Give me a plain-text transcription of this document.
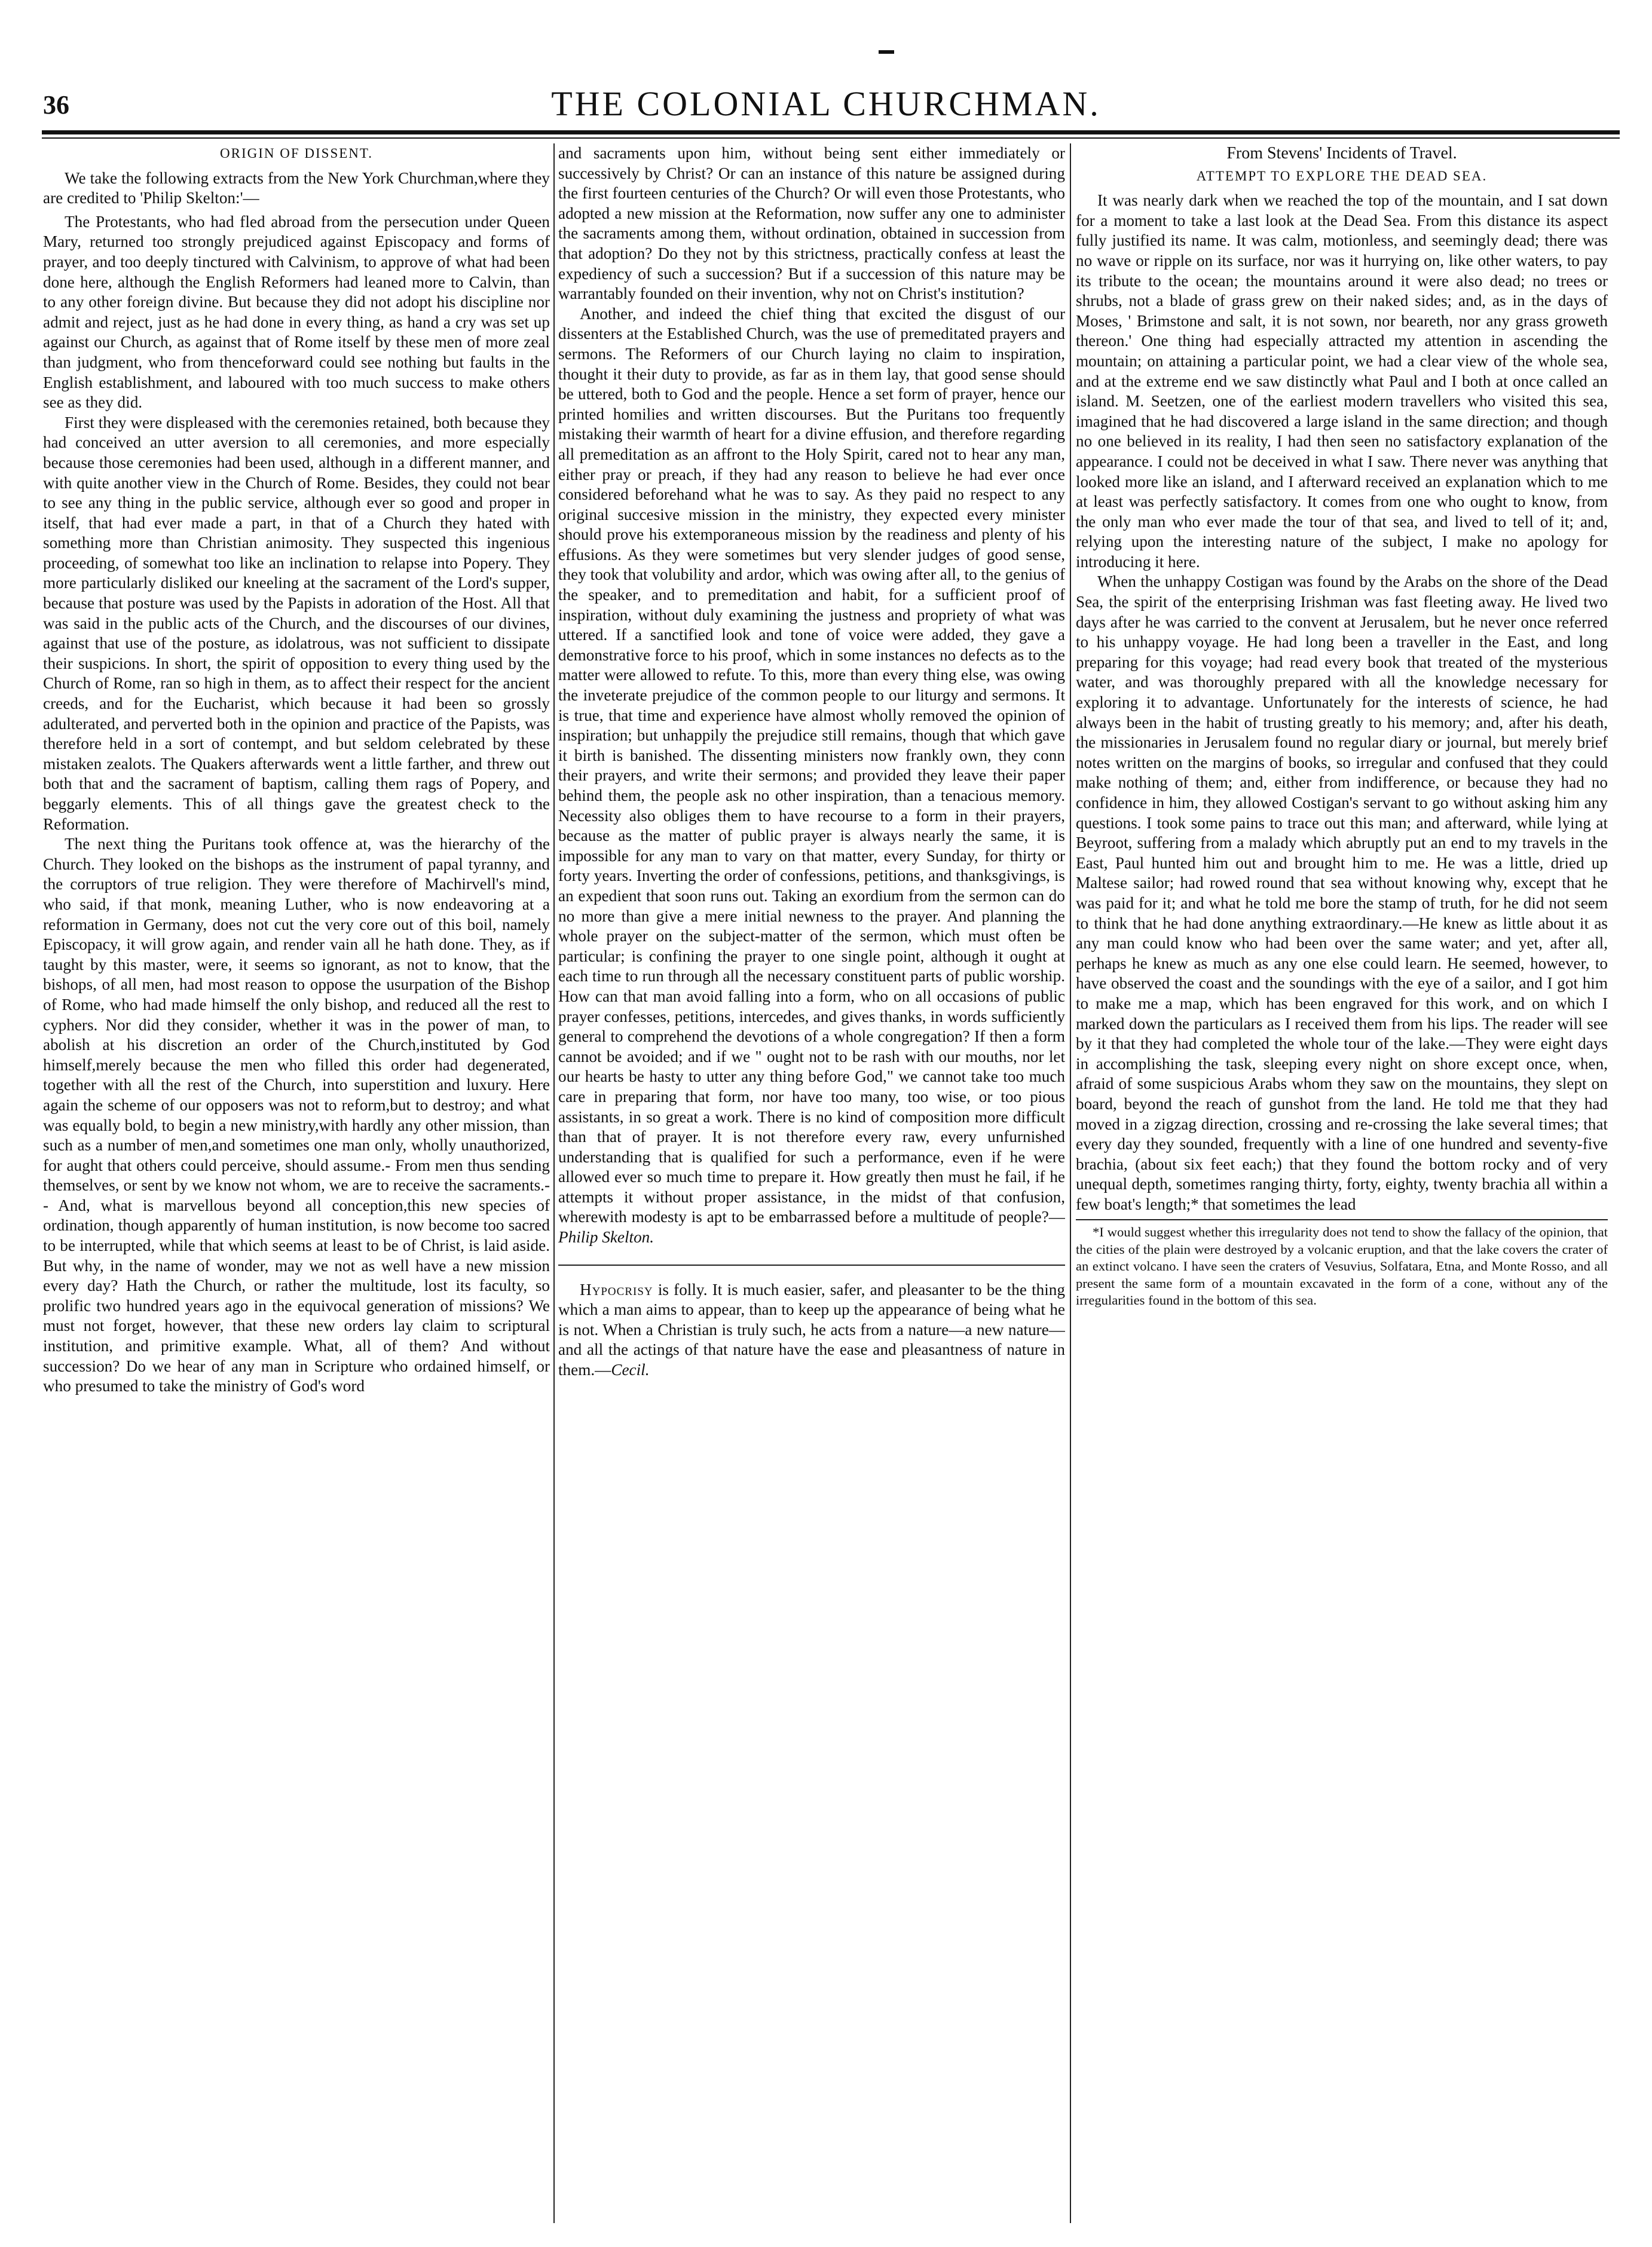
36	THE COLONIAL CHURCHMAN.
ORIGIN OF DISSENT.

We take the following extracts from the New York Churchman,where they are credited to 'Philip Skelton:'—

The Protestants, who had fled abroad from the persecution under Queen Mary, returned too strongly prejudiced against Episcopacy and forms of prayer, and too deeply tinctured with Calvinism, to approve of what had been done here, although the English Reformers had leaned more to Calvin, than to any other foreign divine. But because they did not adopt his discipline nor admit and reject, just as he had done in every thing, as hand a cry was set up against our Church, as against that of Rome itself by these men of more zeal than judgment, who from thenceforward could see nothing but faults in the English establishment, and laboured with too much success to make others see as they did.

First they were displeased with the ceremonies retained, both because they had conceived an utter aversion to all ceremonies, and more especially because those ceremonies had been used, although in a different manner, and with quite another view in the Church of Rome. Besides, they could not bear to see any thing in the public service, although ever so good and proper in itself, that had ever made a part, in that of a Church they hated with something more than Christian animosity. They suspected this ingenious proceeding, of somewhat too like an inclination to relapse into Popery. They more particularly disliked our kneeling at the sacrament of the Lord's supper, because that posture was used by the Papists in adoration of the Host. All that was said in the public acts of the Church, and the discourses of our divines, against that use of the posture, as idolatrous, was not sufficient to dissipate their suspicions. In short, the spirit of opposition to every thing used by the Church of Rome, ran so high in them, as to affect their respect for the ancient creeds, and for the Eucharist, which because it had been so grossly adulterated, and perverted both in the opinion and practice of the Papists, was therefore held in a sort of contempt, and but seldom celebrated by these mistaken zealots. The Quakers afterwards went a little farther, and threw out both that and the sacrament of baptism, calling them rags of Popery, and beggarly elements. This of all things gave the greatest check to the Reformation.

The next thing the Puritans took offence at, was the hierarchy of the Church. They looked on the bishops as the instrument of papal tyranny, and the corruptors of true religion. They were therefore of Machirvell's mind, who said, if that monk, meaning Luther, who is now endeavoring at a reformation in Germany, does not cut the very core out of this boil, namely Episcopacy, it will grow again, and render vain all he hath done. They, as if taught by this master, were, it seems so ignorant, as not to know, that the bishops, of all men, had most reason to oppose the usurpation of the Bishop of Rome, who had made himself the only bishop, and reduced all the rest to cyphers. Nor did they consider, whether it was in the power of man, to abolish at his discretion an order of the Church,instituted by God himself,merely because the men who filled this order had degenerated, together with all the rest of the Church, into superstition and luxury. Here again the scheme of our opposers was not to reform,but to destroy; and what was equally bold, to begin a new ministry,with hardly any other mission, than such as a number of men,and sometimes one man only, wholly unauthorized, for aught that others could perceive, should assume.- From men thus sending themselves, or sent by we know not whom, we are to receive the sacraments.-- And, what is marvellous beyond all conception,this new species of ordination, though apparently of human institution, is now become too sacred to be interrupted, while that which seems at least to be of Christ, is laid aside. But why, in the name of wonder, may we not as well have a new mission every day? Hath the Church, or rather the multitude, lost its faculty, so prolific two hundred years ago in the equivocal generation of missions? We must not forget, however, that these new orders lay claim to scriptural institution, and primitive example. What, all of them? And without succession? Do we hear of any man in Scripture who ordained himself, or who presumed to take the ministry of God's word

and sacraments upon him, without being sent either immediately or successively by Christ? Or can an instance of this nature be assigned during the first fourteen centuries of the Church? Or will even those Protestants, who adopted a new mission at the Reformation, now suffer any one to administer the sacraments among them, without ordination, obtained in succession from that adoption? Do they not by this strictness, practically confess at least the expediency of such a succession? But if a succession of this nature may be warrantably founded on their invention, why not on Christ's institution?

Another, and indeed the chief thing that excited the disgust of our dissenters at the Established Church, was the use of premeditated prayers and sermons. The Reformers of our Church laying no claim to inspiration, thought it their duty to provide, as far as in them lay, that good sense should be uttered, both to God and the people. Hence a set form of prayer, hence our printed homilies and written discourses. But the Puritans too frequently mistaking their warmth of heart for a divine effusion, and therefore regarding all premeditation as an affront to the Holy Spirit, cared not to hear any man, either pray or preach, if they had any reason to believe he had ever once considered beforehand what he was to say. As they paid no respect to any original succesive mission in the ministry, they expected every minister should prove his extemporaneous mission by the readiness and plenty of his effusions. As they were sometimes but very slender judges of good sense, they took that volubility and ardor, which was owing after all, to the genius of the speaker, and to premeditation and habit, for a sufficient proof of inspiration, without duly examining the justness and propriety of what was uttered. If a sanctified look and tone of voice were added, they gave a demonstrative force to his proof, which in some instances no defects as to the matter were allowed to refute. To this, more than every thing else, was owing the inveterate prejudice of the common people to our liturgy and sermons. It is true, that time and experience have almost wholly removed the opinion of inspiration; but unhappily the prejudice still remains, though that which gave it birth is banished. The dissenting ministers now frankly own, they conn their prayers, and write their sermons; and provided they leave their paper behind them, the people ask no other inspiration, than a tenacious memory. Necessity also obliges them to have recourse to a form in their prayers, because as the matter of public prayer is always nearly the same, it is impossible for any man to vary on that matter, every Sunday, for thirty or forty years. Inverting the order of confessions, petitions, and thanksgivings, is an expedient that soon runs out. Taking an exordium from the sermon can do no more than give a mere initial newness to the prayer. And planning the whole prayer on the subject-matter of the sermon, which must often be particular; is confining the prayer to one single point, although it ought at each time to run through all the necessary constituent parts of public worship. How can that man avoid falling into a form, who on all occasions of public prayer confesses, petitions, intercedes, and gives thanks, in words sufficiently general to comprehend the devotions of a whole congregation? If then a form cannot be avoided; and if we " ought not to be rash with our mouths, nor let our hearts be hasty to utter any thing before God," we cannot take too much care in preparing that form, nor have too many, too wise, or too pious assistants, in so great a work. There is no kind of composition more difficult than that of prayer. It is not therefore every raw, every unfurnished understanding that is qualified for such a performance, even if he were allowed ever so much time to prepare it. How greatly then must he fail, if he attempts it without proper assistance, in the midst of that confusion, wherewith modesty is apt to be embarrassed before a multitude of people?—Philip Skelton.

Hypocrisy is folly. It is much easier, safer, and pleasanter to be the thing which a man aims to appear, than to keep up the appearance of being what he is not. When a Christian is truly such, he acts from a nature—a new nature—and all the actings of that nature have the ease and pleasantness of nature in them.—Cecil.

From Stevens' Incidents of Travel.
ATTEMPT TO EXPLORE THE DEAD SEA.

It was nearly dark when we reached the top of the mountain, and I sat down for a moment to take a last look at the Dead Sea. From this distance its aspect fully justified its name. It was calm, motionless, and seemingly dead; there was no wave or ripple on its surface, nor was it hurrying on, like other waters, to pay its tribute to the ocean; the mountains around it were also dead; no trees or shrubs, not a blade of grass grew on their naked sides; and, as in the days of Moses, ' Brimstone and salt, it is not sown, nor beareth, nor any grass groweth thereon.' One thing had especially attracted my attention in ascending the mountain; on attaining a particular point, we had a clear view of the whole sea, and at the extreme end we saw distinctly what Paul and I both at once called an island. M. Seetzen, one of the earliest modern travellers who visited this sea, imagined that he had discovered a large island in the same direction; and though no one believed in its reality, I had then seen no satisfactory explanation of the appearance. I could not be deceived in what I saw. There never was anything that looked more like an island, and I afterward received an explanation which to me at least was perfectly satisfactory. It comes from one who ought to know, from the only man who ever made the tour of that sea, and lived to tell of it; and, relying upon the interesting nature of the subject, I make no apology for introducing it here.

When the unhappy Costigan was found by the Arabs on the shore of the Dead Sea, the spirit of the enterprising Irishman was fast fleeting away. He lived two days after he was carried to the convent at Jerusalem, but he never once referred to his unhappy voyage. He had long been a traveller in the East, and long preparing for this voyage; had read every book that treated of the mysterious water, and was thoroughly prepared with all the knowledge necessary for exploring it to advantage. Unfortunately for the interests of science, he had always been in the habit of trusting greatly to his memory; and, after his death, the missionaries in Jerusalem found no regular diary or journal, but merely brief notes written on the margins of books, so irregular and confused that they could make nothing of them; and, either from indifference, or because they had no confidence in him, they allowed Costigan's servant to go without asking him any questions. I took some pains to trace out this man; and afterward, while lying at Beyroot, suffering from a malady which abruptly put an end to my travels in the East, Paul hunted him out and brought him to me. He was a little, dried up Maltese sailor; had rowed round that sea without knowing why, except that he was paid for it; and what he told me bore the stamp of truth, for he did not seem to think that he had done anything extraordinary.—He knew as little about it as any man could know who had been over the same water; and yet, after all, perhaps he knew as much as any one else could learn. He seemed, however, to have observed the coast and the soundings with the eye of a sailor, and I got him to make me a map, which has been engraved for this work, and on which I marked down the particulars as I received them from his lips. The reader will see by it that they had completed the whole tour of the lake.—They were eight days in accomplishing the task, sleeping every night on shore except once, when, afraid of some suspicious Arabs whom they saw on the mountains, they slept on board, beyond the reach of gunshot from the land. He told me that they had moved in a zigzag direction, crossing and re-crossing the lake several times; that every day they sounded, frequently with a line of one hundred and seventy-five brachia, (about six feet each;) that they found the bottom rocky and of very unequal depth, sometimes ranging thirty, forty, eighty, twenty brachia all within a few boat's length;* that sometimes the lead

*I would suggest whether this irregularity does not tend to show the fallacy of the opinion, that the cities of the plain were destroyed by a volcanic eruption, and that the lake covers the crater of an extinct volcano. I have seen the craters of Vesuvius, Solfatara, Etna, and Monte Rosso, and all present the same form of a mountain excavated in the form of a cone, without any of the irregularities found in the bottom of this sea.
